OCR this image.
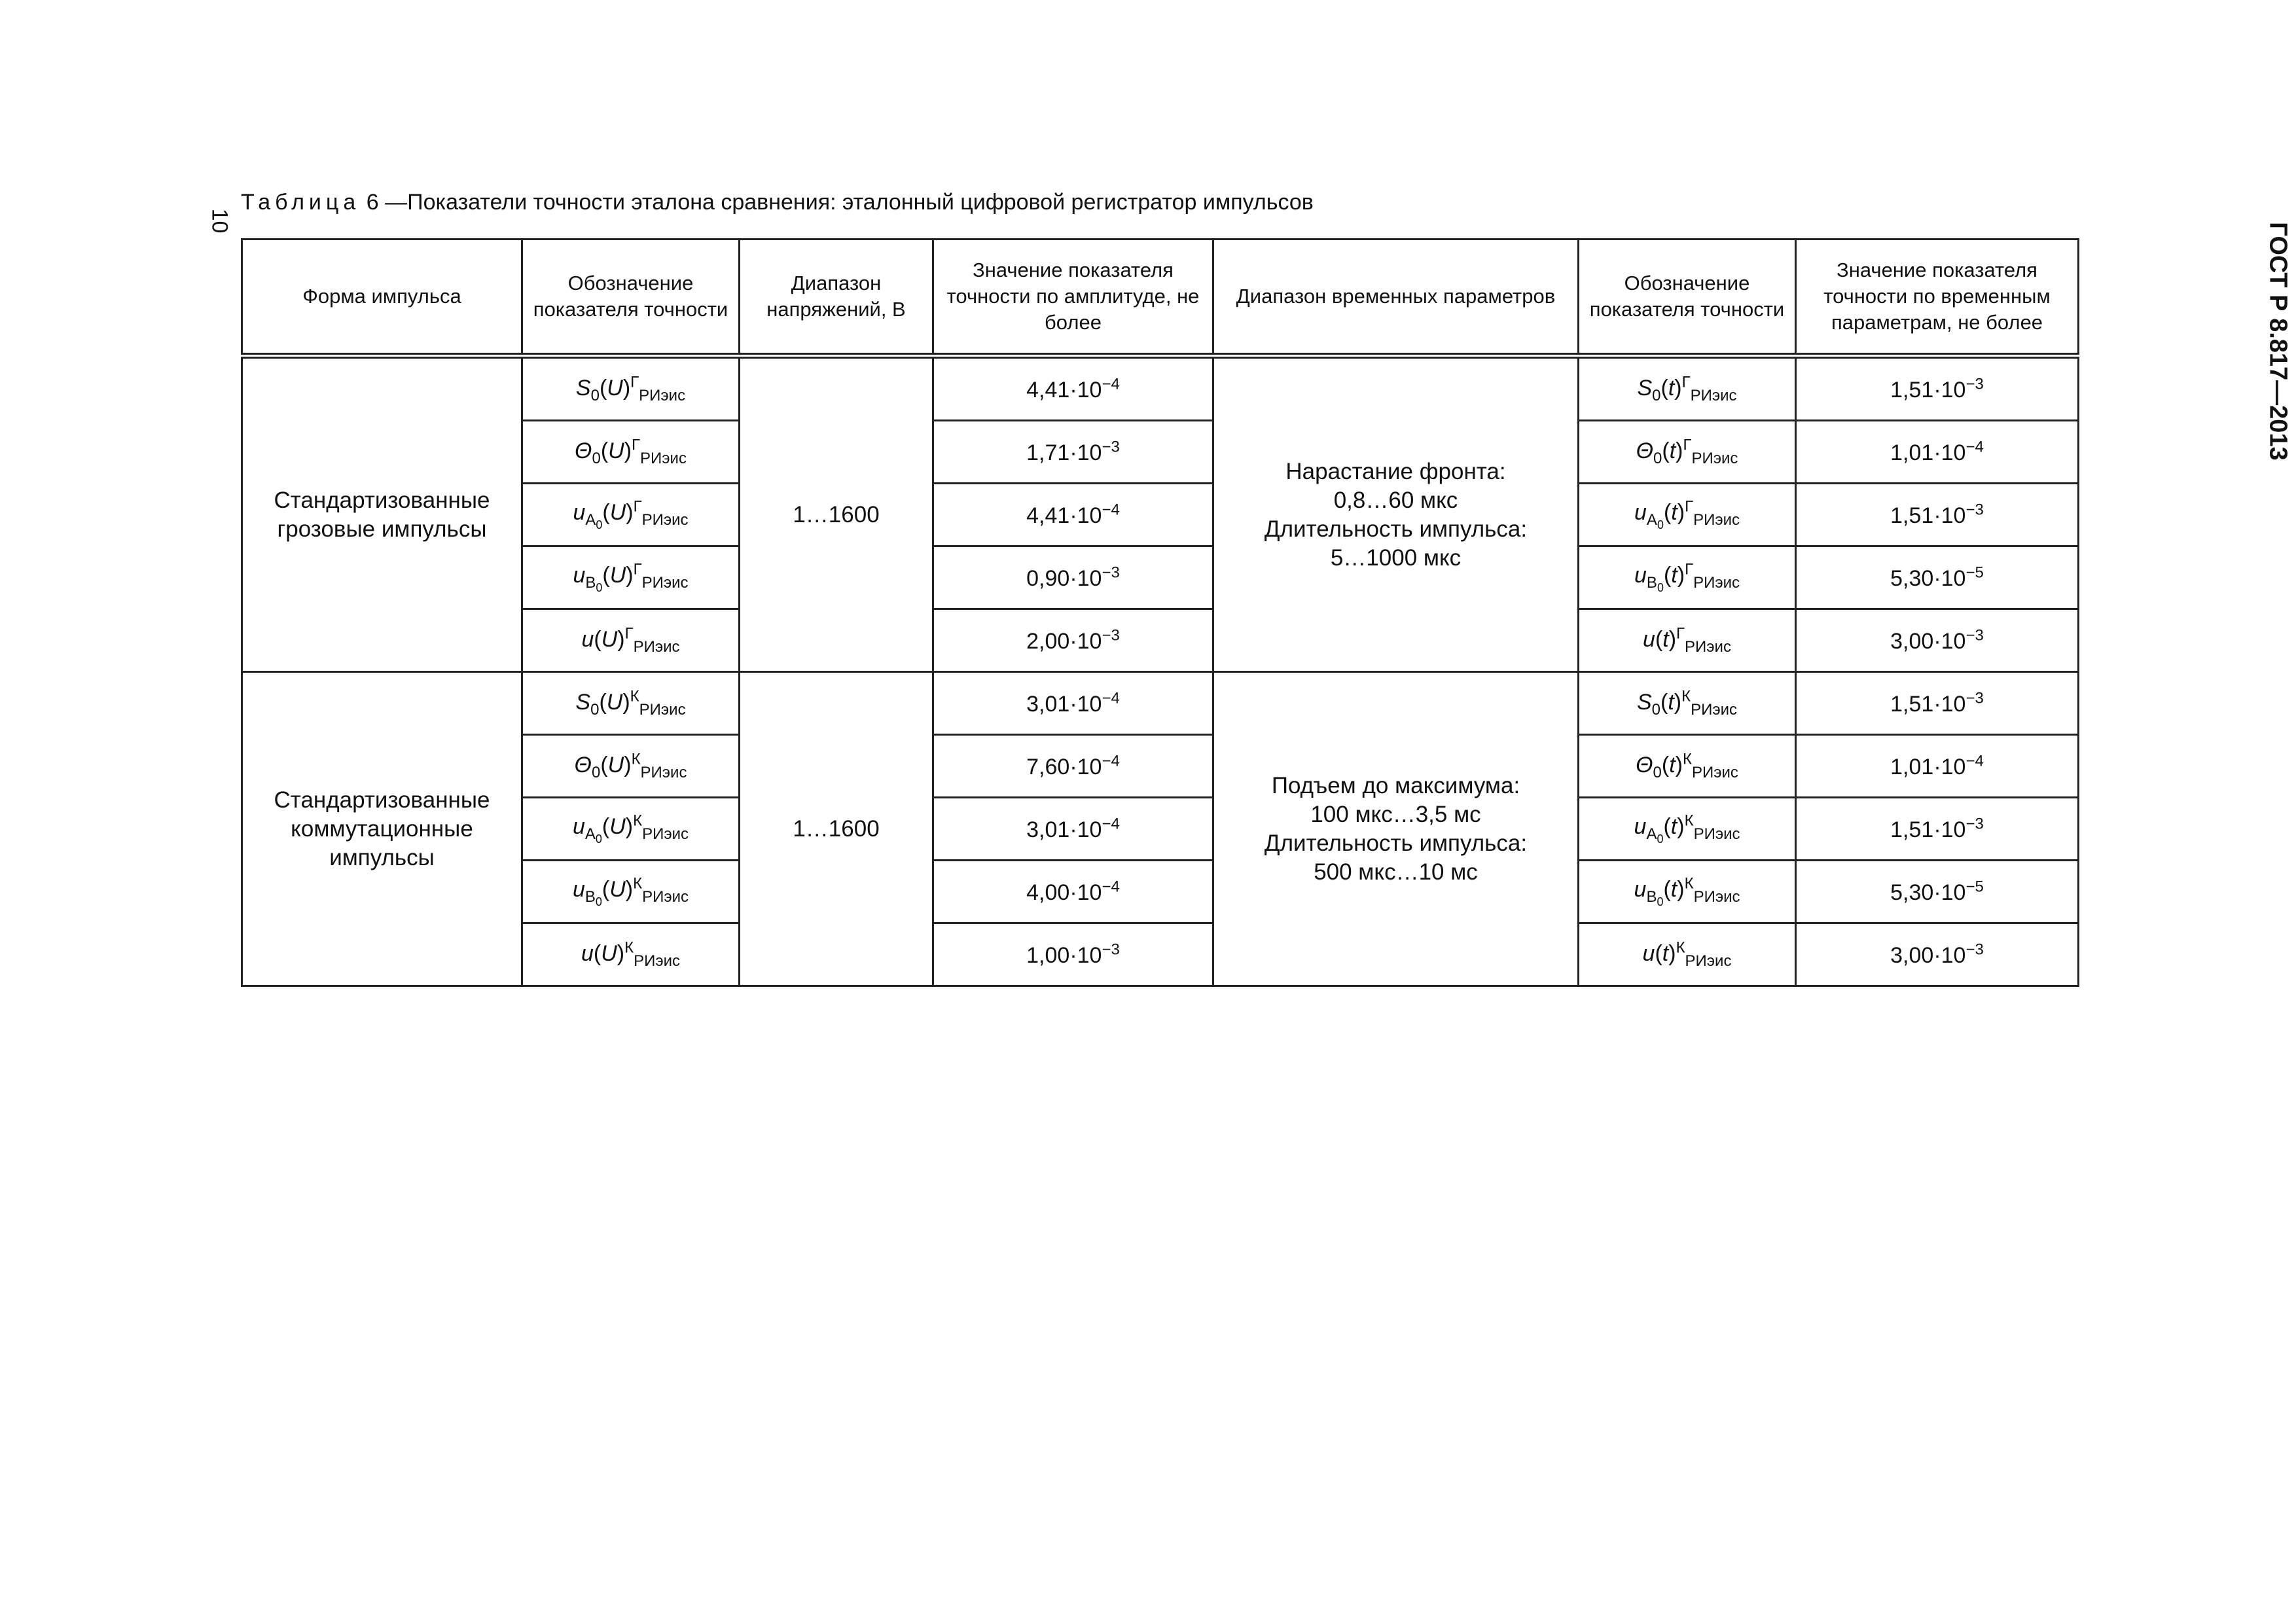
10
ГОСТ Р 8.817—2013
Таблица 6 —Показатели точности эталона сравнения: эталонный цифровой регистратор импульсов
Форма импульса	Обозначение показателя точности	Диапазон напряжений, В	Значение показателя точности по амплитуде, не более	Диапазон временных параметров	Обозначение показателя точности	Значение показателя точности по временным параметрам, не более
Стандартизованные грозовые импульсы	$S_0(U)^Г_{РИэис}$	1…1600	$4,41\cdot 10^{-4}$	Нарастание фронта:
0,8…60 мкс
Длительность импульса:
5…1000 мкс	$S_0(t)^Г_{РИэис}$	$1,51\cdot 10^{-3}$
	$\Theta_0(U)^Г_{РИэис}$		$1,71\cdot 10^{-3}$		$\Theta_0(t)^Г_{РИэис}$	$1,01\cdot 10^{-4}$
	$u_{A_0}(U)^Г_{РИэис}$		$4,41\cdot 10^{-4}$		$u_{A_0}(t)^Г_{РИэис}$	$1,51\cdot 10^{-3}$
	$u_{B_0}(U)^Г_{РИэис}$		$0,90\cdot 10^{-3}$		$u_{B_0}(t)^Г_{РИэис}$	$5,30\cdot 10^{-5}$
	$u(U)^Г_{РИэис}$		$2,00\cdot 10^{-3}$		$u(t)^Г_{РИэис}$	$3,00\cdot 10^{-3}$
Стандартизованные коммутационные импульсы	$S_0(U)^К_{РИэис}$	1…1600	$3,01\cdot 10^{-4}$	Подъем до максимума:
100 мкс…3,5 мс
Длительность импульса:
500 мкс…10 мс	$S_0(t)^К_{РИэис}$	$1,51\cdot 10^{-3}$
	$\Theta_0(U)^К_{РИэис}$		$7,60\cdot 10^{-4}$		$\Theta_0(t)^К_{РИэис}$	$1,01\cdot 10^{-4}$
	$u_{A_0}(U)^К_{РИэис}$		$3,01\cdot 10^{-4}$		$u_{A_0}(t)^К_{РИэис}$	$1,51\cdot 10^{-3}$
	$u_{B_0}(U)^К_{РИэис}$		$4,00\cdot 10^{-4}$		$u_{B_0}(t)^К_{РИэис}$	$5,30\cdot 10^{-5}$
	$u(U)^К_{РИэис}$		$1,00\cdot 10^{-3}$		$u(t)^К_{РИэис}$	$3,00\cdot 10^{-3}$
